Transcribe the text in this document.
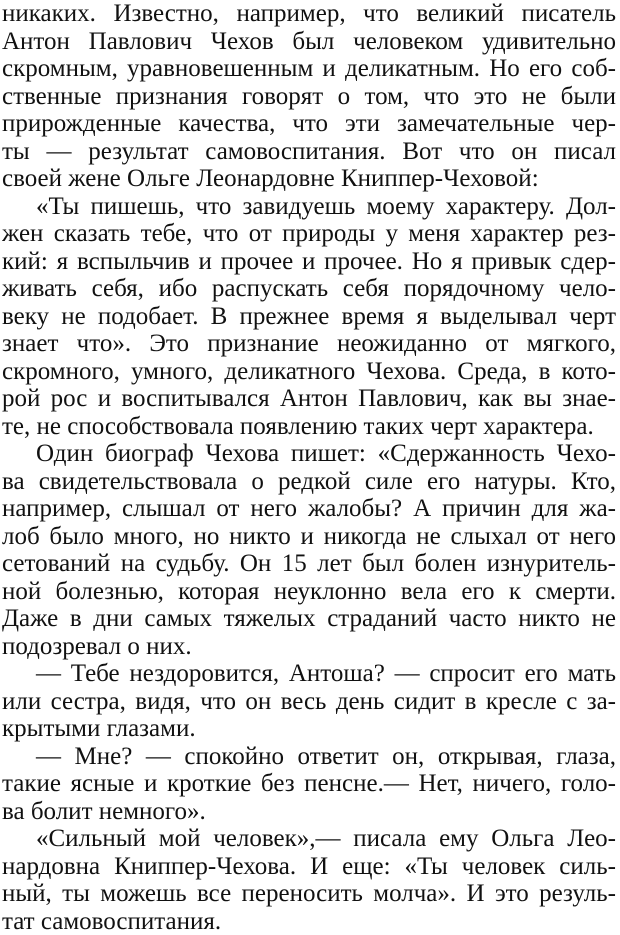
никаких. Известно, например, что великий писатель
Антон Павлович Чехов был человеком удивительно
скромным, уравновешенным и деликатным. Но его соб-
ственные признания говорят о том, что это не были
прирожденные качества, что эти замечательные чер-
ты — результат самовоспитания. Вот что он писал
своей жене Ольге Леонардовне Книппер-Чеховой:
«Ты пишешь, что завидуешь моему характеру. Дол-
жен сказать тебе, что от природы у меня характер рез-
кий: я вспыльчив и прочее и прочее. Но я привык сдер-
живать себя, ибо распускать себя порядочному чело-
веку не подобает. В прежнее время я выделывал черт
знает что». Это признание неожиданно от мягкого,
скромного, умного, деликатного Чехова. Среда, в кото-
рой рос и воспитывался Антон Павлович, как вы знае-
те, не способствовала появлению таких черт характера.
Один биограф Чехова пишет: «Сдержанность Чехо-
ва свидетельствовала о редкой силе его натуры. Кто,
например, слышал от него жалобы? А причин для жа-
лоб было много, но никто и никогда не слыхал от него
сетований на судьбу. Он 15 лет был болен изнуритель-
ной болезнью, которая неуклонно вела его к смерти.
Даже в дни самых тяжелых страданий часто никто не
подозревал о них.
— Тебе нездоровится, Антоша? — спросит его мать
или сестра, видя, что он весь день сидит в кресле с за-
крытыми глазами.
— Мне? — спокойно ответит он, открывая, глаза,
такие ясные и кроткие без пенсне.— Нет, ничего, голо-
ва болит немного».
«Сильный мой человек»,— писала ему Ольга Лео-
нардовна Книппер-Чехова. И еще: «Ты человек силь-
ный, ты можешь все переносить молча». И это резуль-
тат самовоспитания.
